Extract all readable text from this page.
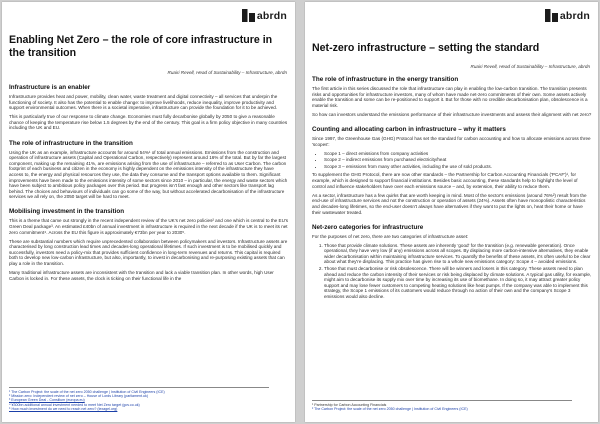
abrdn
Enabling Net Zero – the role of core infrastructure in the transition

Ruairi Revell, Head of Sustainability – Infrastructure, abrdn

Infrastructure is an enabler

Infrastructure provides heat and power, mobility, clean water, waste treatment and digital connectivity – all services that underpin the functioning of society. It also has the potential to enable change: to improve livelihoods, reduce inequality, improve productivity and support environmental outcomes. When there is a societal imperative, infrastructure can provide the foundation for it to be achieved.

This is particularly true of our response to climate change. Economies must fully decarbonise globally by 2050 to give a reasonable chance of keeping the temperature rise below 1.5 degrees by the end of the century. This goal is a firm policy objective in many countries including the UK and EU.

The role of infrastructure in the transition

Using the UK as an example, infrastructure accounts for around 54%¹ of total annual emissions. Emissions from the construction and operation of infrastructure assets (Capital and Operational Carbon, respectively) represent around 16% of the total. But by far the largest component, making up the remaining 41%, are emissions arising from the use of infrastructure – referred to as User Carbon. The carbon footprint of each business and citizen in the economy is highly dependent on the emissions intensity of the infrastructure they have access to, the energy and physical resources they use, the data they consume and the transport options available to them. Significant improvements have been made to the emissions intensity of some sectors since 2010 – in particular, the energy and waste sectors which have been subject to ambitious policy packages over this period. But progress isn't fast enough and other sectors like transport lag behind. The choices and behaviours of individuals can go some of the way, but without accelerated decarbonisation of the infrastructure services we all rely on, the 2050 target will be hard to meet.

Mobilising investment in the transition

This is a theme that came out strongly in the recent independent review of the UK's net zero policies² and one which is central to the EU's Green Deal package³. An estimated £40bn of annual investment in infrastructure is required in the next decade if the UK is to meet its net zero commitment⁴. Across the EU this figure is approximately €73bn per year to 2030⁵.

These are substantial numbers which require unprecedented collaboration between policymakers and investors. Infrastructure assets are characterised by long construction lead times and decades-long operational lifetimes. If such investment is to be mobilised quickly and successfully, investors need a policy-mix that provides sufficient confidence in long-term revenues and returns. This capital is required both to develop new low-carbon infrastructure, but also, importantly, to invest in decarbonising and re-purposing existing assets that can play a role in the transition.

Many traditional infrastructure assets are inconsistent with the transition and lack a viable transition plan. In other words, high User Carbon is locked in. For these assets, the clock is ticking on their functional life in the

¹ The Carbon Project: the scale of the net zero 2050 challenge | Institution of Civil Engineers (ICE)
² Mission zero: Independent review of net zero – House of Lords Library (parliament.uk)
³ European Green Deal - Consilium (europa.eu)
⁴ ¥300bn additional annual investment needed to meet Net Zero target (gov.co.uk)
⁵ How much investment do we need to reach net zero? (lexagel.org)
abrdn
Net-zero infrastructure – setting the standard

Ruairi Revell, Head of Sustainability – Infrastructure, abrdn

The role of infrastructure in the energy transition

The first article in this series discussed the role that infrastructure can play in enabling the low-carbon transition. The transition presents risks and opportunities for infrastructure investors, many of whom have made net-zero commitments of their own. Some assets actively enable the transition and some can be re-positioned to support it. But for those with no credible decarbonisation plan, obsolescence is a material risk.

So how can investors understand the emissions performance of their infrastructure investments and assess their alignment with net zero?

Counting and allocating carbon in infrastructure – why it matters

Since 1997, the Greenhouse Gas (GHG) Protocol has set the standard for carbon accounting and how to allocate emissions across three 'scopes':

• Scope 1 – direct emissions from company activities
• Scope 2 – indirect emissions from purchased electricity/heat
• Scope 3 – emissions from many other activities, including the use of sold products.

To supplement the GHG Protocol, there are now other standards – the Partnership for Carbon Accounting Financials ('PCAF')¹, for example, which is designed to support financial institutions. Besides basic accounting, these standards help to highlight the level of control and influence stakeholders have over each emissions source – and, by extension, their ability to reduce them.

As a sector, infrastructure has a few quirks that are worth keeping in mind. Most of the sector's emissions (around 76%²) result from the end-use of infrastructure services and not the construction or operation of assets (24%). Assets often have monopolistic characteristics and decades-long lifetimes, so the end-user doesn't always have alternatives if they want to put the lights on, heat their home or have their wastewater treated.

Net-zero categories for infrastructure

For the purposes of net zero, there are two categories of infrastructure asset:

1. Those that provide climate solutions. These assets are inherently 'good' for the transition (e.g. renewable generation). Once operational, they have very low (if any) emissions across all scopes. By displacing more carbon-intensive alternatives, they enable wider decarbonisation within maintaining infrastructure services. To quantify the benefits of these assets, it's often useful to be clear about what they're displacing. This practice has given rise to a whole new emissions category: Scope 4 – avoided emissions.
2. Those that must decarbonise or risk obsolescence. There will be winners and losers in this category. These assets need to plan ahead and reduce the carbon intensity of their services or risk being displaced by climate solutions. A typical gas utility, for example, might aim to decarbonise its supply mix over time by increasing its use of biomethane. In doing so, it may attract greater policy support and may lose fewer customers to competing heating solutions like heat pumps. If the company was able to implement this strategy, the Scope 1 emissions of its customers would reduce through no action of their own and the company's Scope 3 emissions would also decline.
¹ Partnership for Carbon Accounting Financials
² The Carbon Project: the scale of the net zero 2050 challenge | Institution of Civil Engineers (ICE)
